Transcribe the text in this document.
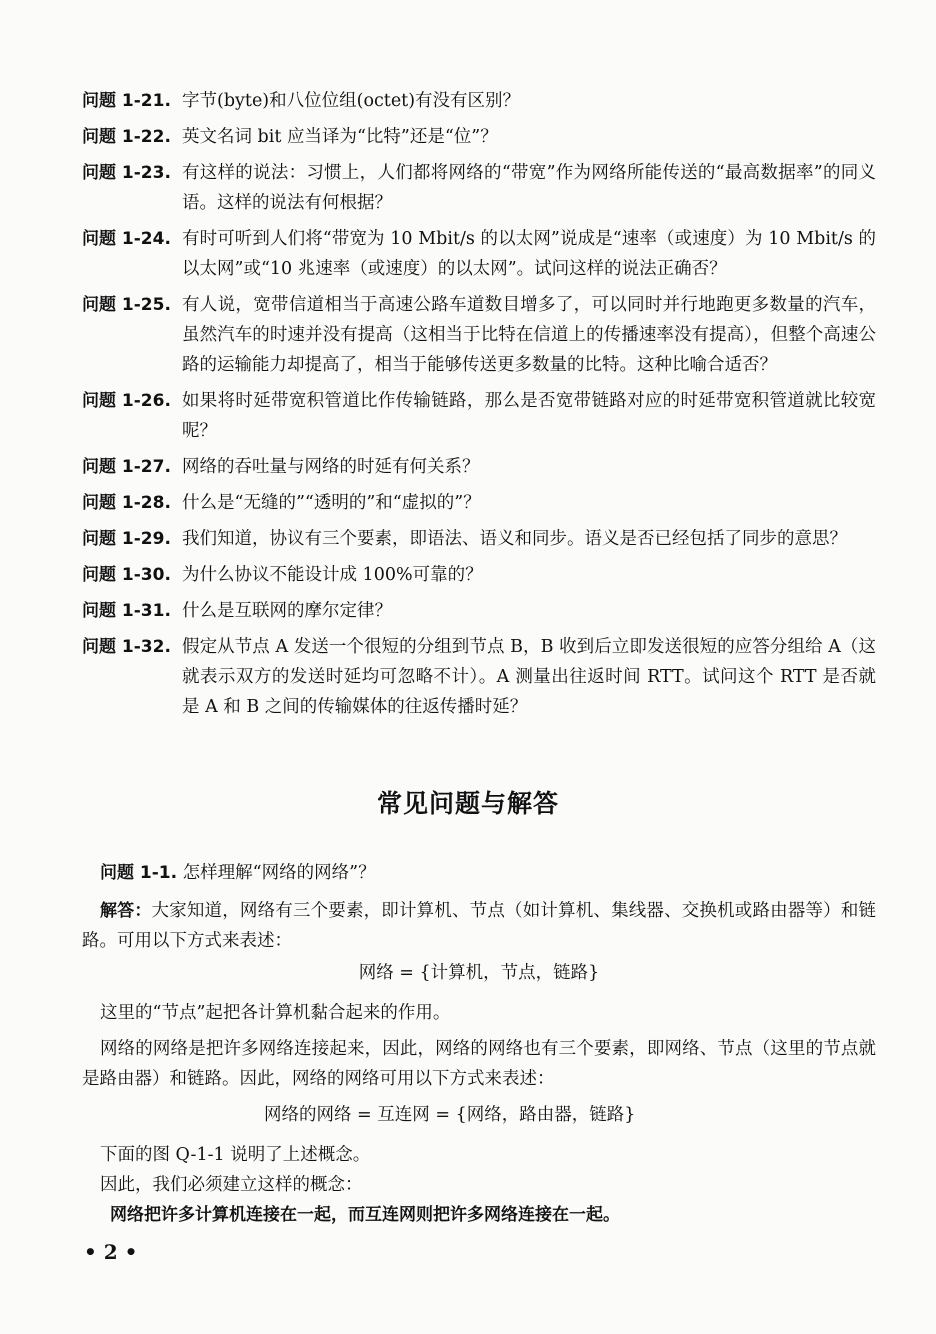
问题 1-21. 字节(byte)和八位位组(octet)有没有区别？
问题 1-22. 英文名词 bit 应当译为“比特”还是“位”？
问题 1-23. 有这样的说法：习惯上，人们都将网络的“带宽”作为网络所能传送的“最高数据率”的同义语。这样的说法有何根据？
问题 1-24. 有时可听到人们将“带宽为 10 Mbit/s 的以太网”说成是“速率（或速度）为 10 Mbit/s 的以太网”或“10 兆速率（或速度）的以太网”。试问这样的说法正确否？
问题 1-25. 有人说，宽带信道相当于高速公路车道数目增多了，可以同时并行地跑更多数量的汽车，虽然汽车的时速并没有提高（这相当于比特在信道上的传播速率没有提高），但整个高速公路的运输能力却提高了，相当于能够传送更多数量的比特。这种比喻合适否？
问题 1-26. 如果将时延带宽积管道比作传输链路，那么是否宽带链路对应的时延带宽积管道就比较宽呢？
问题 1-27. 网络的吞吐量与网络的时延有何关系？
问题 1-28. 什么是“无缝的”“透明的”和“虚拟的”？
问题 1-29. 我们知道，协议有三个要素，即语法、语义和同步。语义是否已经包括了同步的意思？
问题 1-30. 为什么协议不能设计成 100%可靠的？
问题 1-31. 什么是互联网的摩尔定律？
问题 1-32. 假定从节点 A 发送一个很短的分组到节点 B，B 收到后立即发送很短的应答分组给 A（这就表示双方的发送时延均可忽略不计）。A 测量出往返时间 RTT。试问这个 RTT 是否就是 A 和 B 之间的传输媒体的往返传播时延？
常见问题与解答

问题 1-1. 怎样理解“网络的网络”？

解答：大家知道，网络有三个要素，即计算机、节点（如计算机、集线器、交换机或路由器等）和链路。可用以下方式来表述：

网络 = {计算机，节点，链路}

这里的“节点”起把各计算机黏合起来的作用。

网络的网络是把许多网络连接起来，因此，网络的网络也有三个要素，即网络、节点（这里的节点就是路由器）和链路。因此，网络的网络可用以下方式来表述：

网络的网络 = 互连网 = {网络，路由器，链路}

下面的图 Q-1-1 说明了上述概念。

因此，我们必须建立这样的概念：

网络把许多计算机连接在一起，而互连网则把许多网络连接在一起。

• 2 •
